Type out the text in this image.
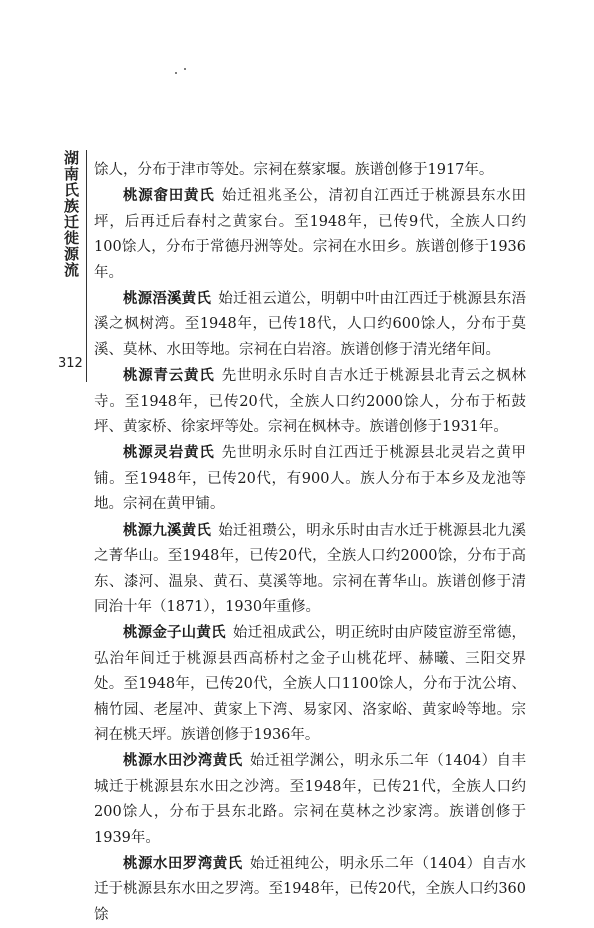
湖南氏族迁徙源流
312

馀人，分布于津市等处。宗祠在蔡家堰。族谱创修于1917年。

桃源畲田黄氏 始迁祖兆圣公，清初自江西迁于桃源县东水田坪，后再迁后春村之黄家台。至1948年，已传9代，全族人口约100馀人，分布于常德丹洲等处。宗祠在水田乡。族谱创修于1936年。

桃源浯溪黄氏 始迁祖云道公，明朝中叶由江西迁于桃源县东浯溪之枫树湾。至1948年，已传18代，人口约600馀人，分布于莫溪、莫林、水田等地。宗祠在白岩溶。族谱创修于清光绪年间。

桃源青云黄氏 先世明永乐时自吉水迁于桃源县北青云之枫林寺。至1948年，已传20代，全族人口约2000馀人，分布于柘鼓坪、黄家桥、徐家坪等处。宗祠在枫林寺。族谱创修于1931年。

桃源灵岩黄氏 先世明永乐时自江西迁于桃源县北灵岩之黄甲铺。至1948年，已传20代，有900人。族人分布于本乡及龙池等地。宗祠在黄甲铺。

桃源九溪黄氏 始迁祖瓒公，明永乐时由吉水迁于桃源县北九溪之菁华山。至1948年，已传20代，全族人口约2000馀，分布于高东、漆河、温泉、黄石、莫溪等地。宗祠在菁华山。族谱创修于清同治十年（1871），1930年重修。

桃源金子山黄氏 始迁祖成武公，明正统时由庐陵宦游至常德，弘治年间迁于桃源县西高桥村之金子山桃花坪、赫曦、三阳交界处。至1948年，已传20代，全族人口1100馀人，分布于沈公堉、楠竹园、老屋冲、黄家上下湾、易家冈、洛家峪、黄家岭等地。宗祠在桃天坪。族谱创修于1936年。

桃源水田沙湾黄氏 始迁祖学渊公，明永乐二年（1404）自丰城迁于桃源县东水田之沙湾。至1948年，已传21代，全族人口约200馀人，分布于县东北路。宗祠在莫林之沙家湾。族谱创修于1939年。

桃源水田罗湾黄氏 始迁祖纯公，明永乐二年（1404）自吉水迁于桃源县东水田之罗湾。至1948年，已传20代，全族人口约360馀
